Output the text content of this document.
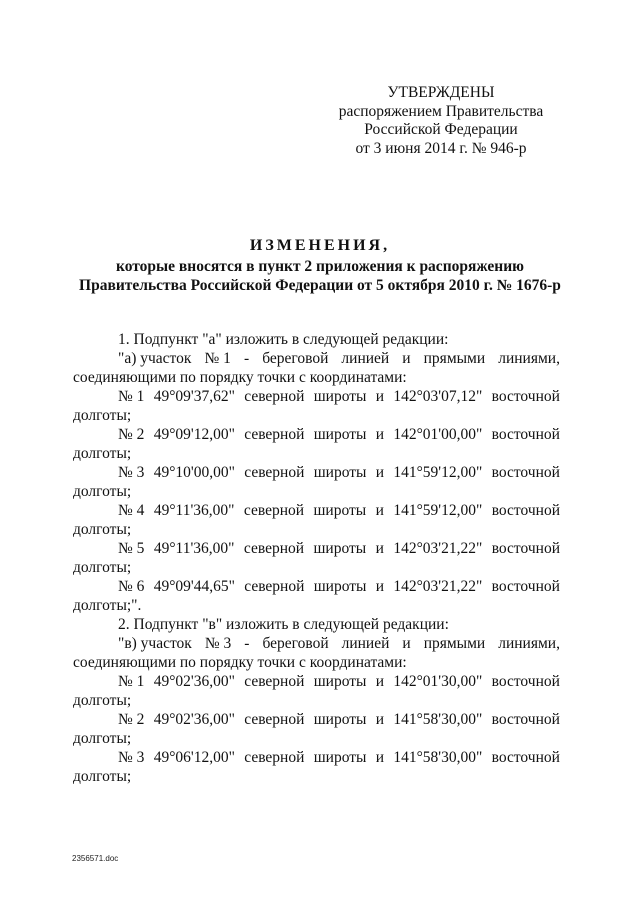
УТВЕРЖДЕНЫ
распоряжением Правительства
Российской Федерации
от 3 июня 2014 г. № 946-р
ИЗМЕНЕНИЯ,
которые вносятся в пункт 2 приложения к распоряжению
Правительства Российской Федерации от 5 октября 2010 г. № 1676-р
1. Подпункт "а" изложить в следующей редакции:
"а) участок № 1 - береговой линией и прямыми линиями,
соединяющими по порядку точки с координатами:
№ 1 49°09'37,62" северной широты и 142°03'07,12" восточной
долготы;
№ 2 49°09'12,00" северной широты и 142°01'00,00" восточной
долготы;
№ 3 49°10'00,00" северной широты и 141°59'12,00" восточной
долготы;
№ 4 49°11'36,00" северной широты и 141°59'12,00" восточной
долготы;
№ 5 49°11'36,00" северной широты и 142°03'21,22" восточной
долготы;
№ 6 49°09'44,65" северной широты и 142°03'21,22" восточной
долготы;".
2. Подпункт "в" изложить в следующей редакции:
"в) участок № 3 - береговой линией и прямыми линиями,
соединяющими по порядку точки с координатами:
№ 1 49°02'36,00" северной широты и 142°01'30,00" восточной
долготы;
№ 2 49°02'36,00" северной широты и 141°58'30,00" восточной
долготы;
№ 3 49°06'12,00" северной широты и 141°58'30,00" восточной
долготы;
2356571.doc
